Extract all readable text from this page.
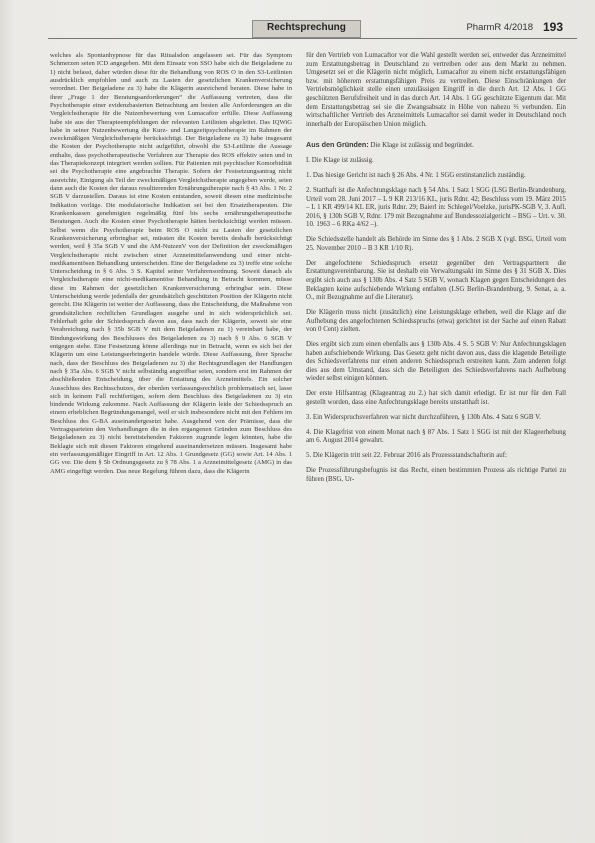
Rechtsprechung	PharmR 4/2018 193

welches als Spontanhypnose für das Ritualsdon angelassen sei. Für das Symptom Schmerzen seien ICD angegeben. Mit dem Einsatz von SSO habe sich die Beigeladene zu 1) nicht befasst, daher würden diese für die Behandlung von ROS O in den S3-Leitlinien ausdrücklich empfohlen und auch zu Lasten der gesetzlichen Krankenversicherung verordnet. Der Beigeladene zu 3) habe die Klägerin ausreichend beraten. Diese habe in ihrer „Frage 1 der Beratungsanforderungen“ die Auffassung vertreten, dass die Psychotherapie einer evidenzbasierten Betrachtung am besten alle Anforderungen an die Vergleichstherapie für die Nutzenbewertung von Lumacaftor erfülle. Diese Auffassung habe sie aus der Therapieempfehlungen der relevanten Leitlinien abgeleitet. Das IQWiG habe in seiner Nutzenbewertung die Kurz- und Langzeitpsychotherapie im Rahmen der zweckmäßigen Vergleichstherapie berücksichtigt. Der Beigeladene zu 3) habe insgesamt die Kosten der Psychotherapie nicht aufgeführt, obwohl die S3-Leitlinie die Aussage enthalte, dass psychotherapeutische Verfahren zur Therapie des ROS effektiv seien und in das Therapiekonzept integriert werden sollten. Für Patienten mit psychischer Komorbidität sei die Psychotherapie eine angebrachte Therapie. Sofern der Festsetzungsantrag nicht ausreichte, Einigung als Teil der zweckmäßigen Vergleichstherapie angegeben werde, seien dann auch die Kosten der daraus resultierenden Ernährungstherapie nach § 43 Abs. 1 Nr. 2 SGB V darzustellen. Daraus ist eine Kosten entstanden, soweit diesen eine medizinische Indikation vorläge. Die modulatorische Indikation sei bei den Ersatztherapeuten. Die Krankenkassen genehmigten regelmäßig fünf bis sechs ernährungstherapeutische Beratungen. Auch die Kosten einer Psychotherapie hätten berücksichtigt werden müssen. Selbst wenn die Psychotherapie beim ROS O nicht zu Lasten der gesetzlichen Krankenversicherung erbringbar sei, müssten die Kosten bereits deshalb berücksichtigt werden, weil § 35a SGB V und die AM-NutzenV von der Definition der zweckmäßigen Vergleichstherapie nicht zwischen einer Arzneimittelanwendung und einer nicht-medikamentösen Behandlung unterscheiden. Eine der Beigeladene zu 3) treffe eine solche Unterscheidung in § 6 Abs. 3 S. Kapitel seiner Verfahrensordnung. Soweit danach als Vergleichstherapie eine nicht-medikamentöse Behandlung in Betracht kommen, müsse diese im Rahmen der gesetzlichen Krankenversicherung erbringbar sein. Diese Unterscheidung werde jedenfalls der grundsätzlich geschützten Position der Klägerin nicht gerecht. Die Klägerin ist weiter der Auffassung, dass die Entscheidung, die Maßnahme von grundsätzlichen rechtlichen Grundlagen ausgehe und in sich widersprüchlich sei. Fehlerhaft gehe der Schiedsspruch davon aus, dass nach der Klägerin, soweit sie eine Verabreichung nach § 35b SGB V mit dem Beigeladenen zu 1) vereinbart habe, der Bindungswirkung des Beschlusses des Beigeladenen zu 3) nach § 9 Abs. 6 SGB V entgegen stehe. Eine Festsetzung könne allerdings nur in Betracht, wenn es sich bei der Klägerin um eine Leistungserbringerin handele würde. Diese Auffassung, ihrer Sprache nach, dass der Beschluss des Beigeladenen zu 3) die Rechtsgrundlagen der Handlungen nach § 35a Abs. 6 SGB V nicht selbständig angreifbar seien, sondern erst im Rahmen der abschließenden Entscheidung, über die Erstattung des Arzneimittels. Ein solcher Ausschluss des Rechtsschutzes, der obenlen verfassungsrechtlich problematisch sei, lasse sich in keinem Fall rechtfertigen, sofern dem Beschluss des Beigeladenen zu 3) ein bindende Wirkung zukomme. Nach Auffassung der Klägerin leide der Schiedsspruch an einem erheblichen Begründungsmangel, weil er sich insbesondere nicht mit den Fehlern im Beschluss des G-BA auseinandergesetzt habe. Ausgehend von der Prämisse, dass die Vertragsparteien den Verhandlungen die in den ergangenen Gründen zum Beschluss des Beigeladenen zu 3) nicht bereitstehenden Faktoren zugrunde legen könnten, habe die Beklagte sich mit diesen Faktoren eingehend auseinandersetzen müssen. Insgesamt habe ein verfassungsmäßiger Eingriff in Art. 12 Abs. 1 Grundgesetz (GG) sowie Art. 14 Abs. 1 GG vor. Die dem § 5b Ordnungsgesetz zu § 78 Abs. 1 a Arzneimittelgesetz (AMG) in das AMG eingefügt werden. Das neue Regelung führen dazu, dass die Klägerin

für den Vertrieb von Lumacaftor vor die Wahl gestellt werden sei, entweder das Arzneimittel zum Erstattungsbetrag in Deutschland zu vertreiben oder aus dem Markt zu nehmen. Umgesetzt sei er die Klägerin nicht möglich, Lumacaftor zu einem nicht erstattungsfähigen bzw. mit höherem erstattungsfähigen Preis zu vertreiben. Diese Einschränkungen der Vertriebsmöglichkeit stelle einen unzulässigen Eingriff in die durch Art. 12 Abs. 1 GG geschützten Berufsfreiheit und in das durch Art. 14 Abs. 1 GG geschützte Eigentum dar. Mit dem Erstattungsbetrag sei sie die Zwangsabsatz in Höhe von nahezu ⅔ verbunden. Ein wirtschaftlicher Vertrieb des Arzneimittels Lumacaftor sei damit weder in Deutschland noch innerhalb der Europäischen Union möglich.

Aus den Gründen: Die Klage ist zulässig und begründet.

I. Die Klage ist zulässig.

1. Das hiesige Gericht ist nach § 26 Abs. 4 Nr. 1 SGG erstinstanzlich zuständig.

2. Statthaft ist die Anfechtungsklage nach § 54 Abs. 1 Satz 1 SGG (LSG Berlin-Brandenburg, Urteil vom 28. Juni 2017 – L 9 KR 213/16 KL, juris Rdnr. 42; Beschluss vom 19. März 2015 – L 1 KR 499/14 KL ER, juris Rdnr. 29; Baierl in: Schlegel/Voelzke, jurisPK-SGB V, 3. Aufl. 2016, § 130b SGB V, Rdnr. 179 mit Bezugnahme auf Bundessozialgericht – BSG – Urt. v. 30. 10. 1963 – 6 RKa 4/62 –).

Die Schiedsstelle handelt als Behörde im Sinne des § 1 Abs. 2 SGB X (vgl. BSG, Urteil vom 25. November 2010 – B 3 KR 1/10 R).

Der angefochtene Schiedsspruch ersetzt gegenüber den Vertragspartnern die Erstattungsvereinbarung. Sie ist deshalb ein Verwaltungsakt im Sinne des § 31 SGB X. Dies ergibt sich auch aus § 130b Abs. 4 Satz 5 SGB V, wonach Klagen gegen Entscheidungen des Beklagten keine aufschiebende Wirkung entfalten (LSG Berlin-Brandenburg, 9. Senat, a. a. O., mit Bezugnahme auf die Literatur).

Die Klägerin muss nicht (zusätzlich) eine Leistungsklage erheben, weil die Klage auf die Aufhebung des angefochtenen Schiedsspruchs (etwa) gerichtet ist der Sache auf einen Rabatt von 0 Cent) zielten.

Dies ergibt sich zum einen ebenfalls aus § 130b Abs. 4 S. 5 SGB V: Nur Anfechtungsklagen haben aufschiebende Wirkung. Das Gesetz geht nicht davon aus, dass die klagende Beteiligte des Schiedsverfahrens nur einen anderen Schiedsspruch erstreiten kann. Zum anderen folgt dies aus dem Umstand, dass sich die Beteiligten des Schiedsverfahrens nach Aufhebung wieder selbst einigen können.

Der erste Hilfsantrag (Klageantrag zu 2.) hat sich damit erledigt. Er ist nur für den Fall gestellt worden, dass eine Anfechtungsklage bereits unstatthaft ist.

3. Ein Widerspruchsverfahren war nicht durchzuführen, § 130b Abs. 4 Satz 6 SGB V.

4. Die Klagefrist von einem Monat nach § 87 Abs. 1 Satz 1 SGG ist mit der Klageerhebung am 6. August 2014 gewahrt.

5. Die Klägerin tritt seit 22. Februar 2016 als Prozessstandschafterin auf:

Die Prozessführungsbefugnis ist das Recht, einen bestimmten Prozess als richtige Partei zu führen (BSG, Ur-
